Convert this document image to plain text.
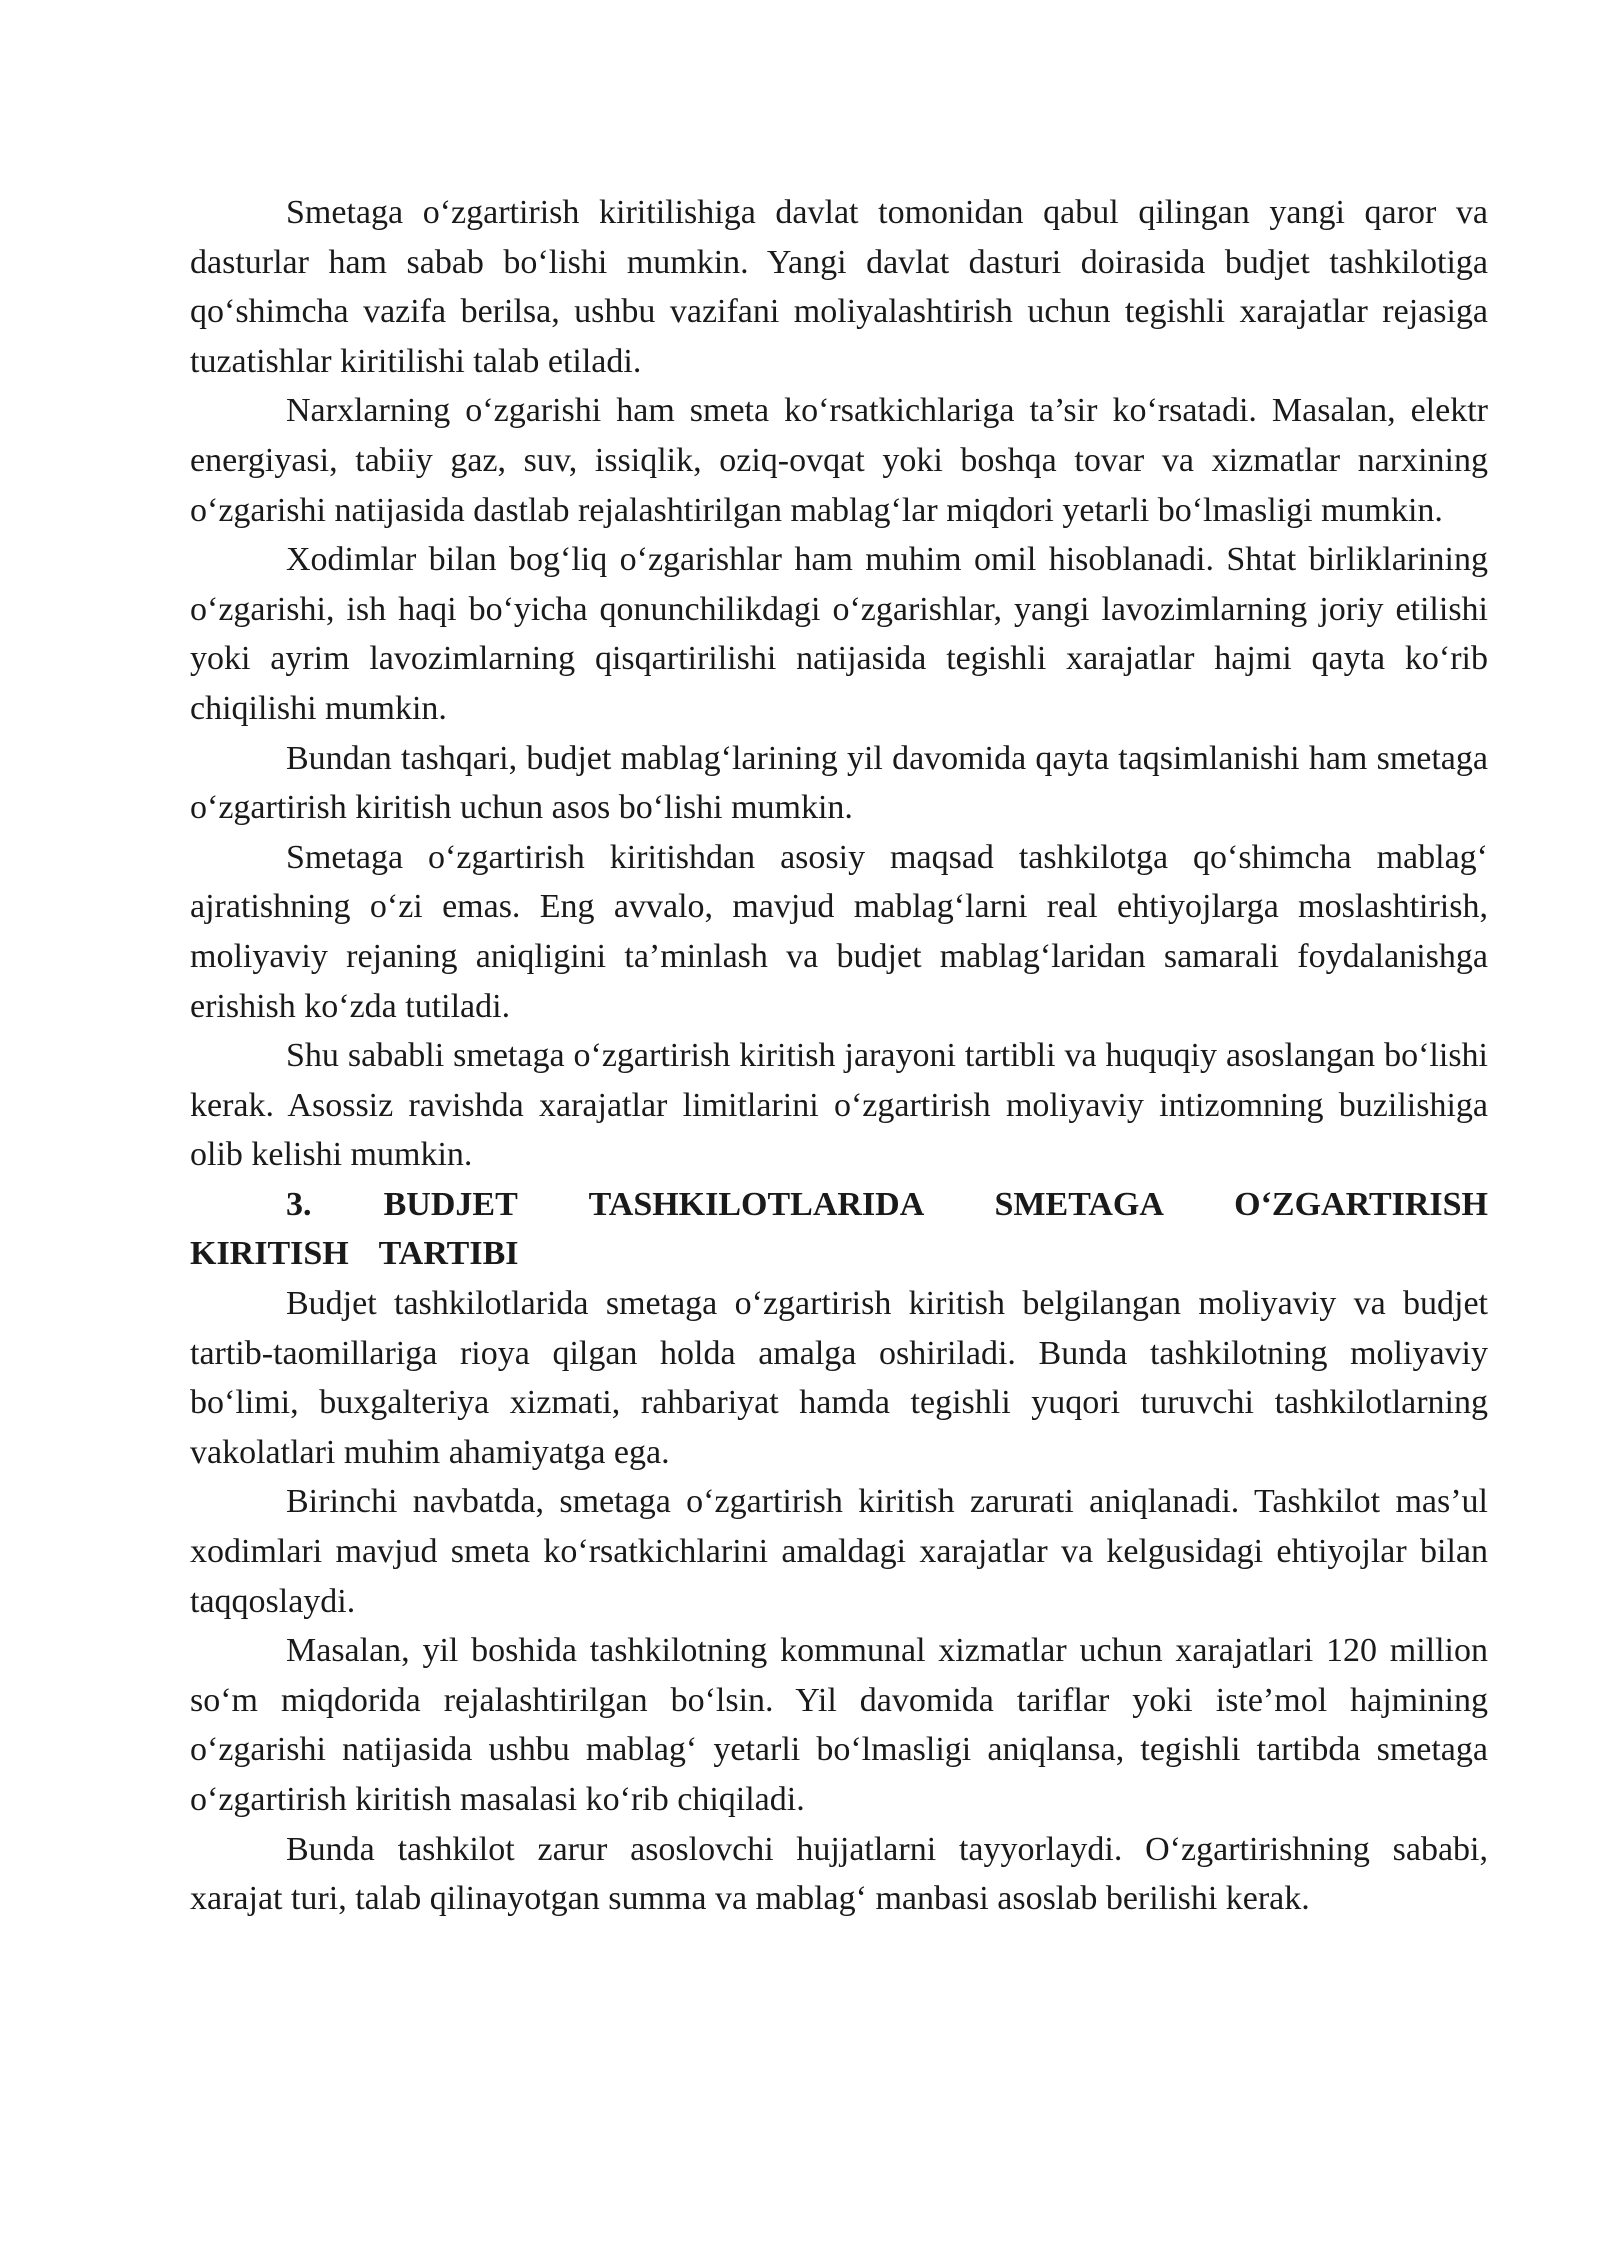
Smetaga o‘zgartirish kiritilishiga davlat tomonidan qabul qilingan yangi qaror va dasturlar ham sabab bo‘lishi mumkin. Yangi davlat dasturi doirasida budjet tashkilotiga qo‘shimcha vazifa berilsa, ushbu vazifani moliyalashtirish uchun tegishli xarajatlar rejasiga tuzatishlar kiritilishi talab etiladi.

Narxlarning o‘zgarishi ham smeta ko‘rsatkichlariga ta’sir ko‘rsatadi. Masalan, elektr energiyasi, tabiiy gaz, suv, issiqlik, oziq-ovqat yoki boshqa tovar va xizmatlar narxining o‘zgarishi natijasida dastlab rejalashtirilgan mablag‘lar miqdori yetarli bo‘lmasligi mumkin.

Xodimlar bilan bog‘liq o‘zgarishlar ham muhim omil hisoblanadi. Shtat birliklarining o‘zgarishi, ish haqi bo‘yicha qonunchilikdagi o‘zgarishlar, yangi lavozimlarning joriy etilishi yoki ayrim lavozimlarning qisqartirilishi natijasida tegishli xarajatlar hajmi qayta ko‘rib chiqilishi mumkin.

Bundan tashqari, budjet mablag‘larining yil davomida qayta taqsimlanishi ham smetaga o‘zgartirish kiritish uchun asos bo‘lishi mumkin.

Smetaga o‘zgartirish kiritishdan asosiy maqsad tashkilotga qo‘shimcha mablag‘ ajratishning o‘zi emas. Eng avvalo, mavjud mablag‘larni real ehtiyojlarga moslashtirish, moliyaviy rejaning aniqligini ta’minlash va budjet mablag‘laridan samarali foydalanishga erishish ko‘zda tutiladi.

Shu sababli smetaga o‘zgartirish kiritish jarayoni tartibli va huquqiy asoslangan bo‘lishi kerak. Asossiz ravishda xarajatlar limitlarini o‘zgartirish moliyaviy intizomning buzilishiga olib kelishi mumkin.

3. BUDJET TASHKILOTLARIDA SMETAGA O‘ZGARTIRISH KIRITISH TARTIBI

Budjet tashkilotlarida smetaga o‘zgartirish kiritish belgilangan moliyaviy va budjet tartib-taomillariga rioya qilgan holda amalga oshiriladi. Bunda tashkilotning moliyaviy bo‘limi, buxgalteriya xizmati, rahbariyat hamda tegishli yuqori turuvchi tashkilotlarning vakolatlari muhim ahamiyatga ega.

Birinchi navbatda, smetaga o‘zgartirish kiritish zarurati aniqlanadi. Tashkilot mas’ul xodimlari mavjud smeta ko‘rsatkichlarini amaldagi xarajatlar va kelgusidagi ehtiyojlar bilan taqqoslaydi.

Masalan, yil boshida tashkilotning kommunal xizmatlar uchun xarajatlari 120 million so‘m miqdorida rejalashtirilgan bo‘lsin. Yil davomida tariflar yoki iste’mol hajmining o‘zgarishi natijasida ushbu mablag‘ yetarli bo‘lmasligi aniqlansa, tegishli tartibda smetaga o‘zgartirish kiritish masalasi ko‘rib chiqiladi.

Bunda tashkilot zarur asoslovchi hujjatlarni tayyorlaydi. O‘zgartirishning sababi, xarajat turi, talab qilinayotgan summa va mablag‘ manbasi asoslab berilishi kerak.
